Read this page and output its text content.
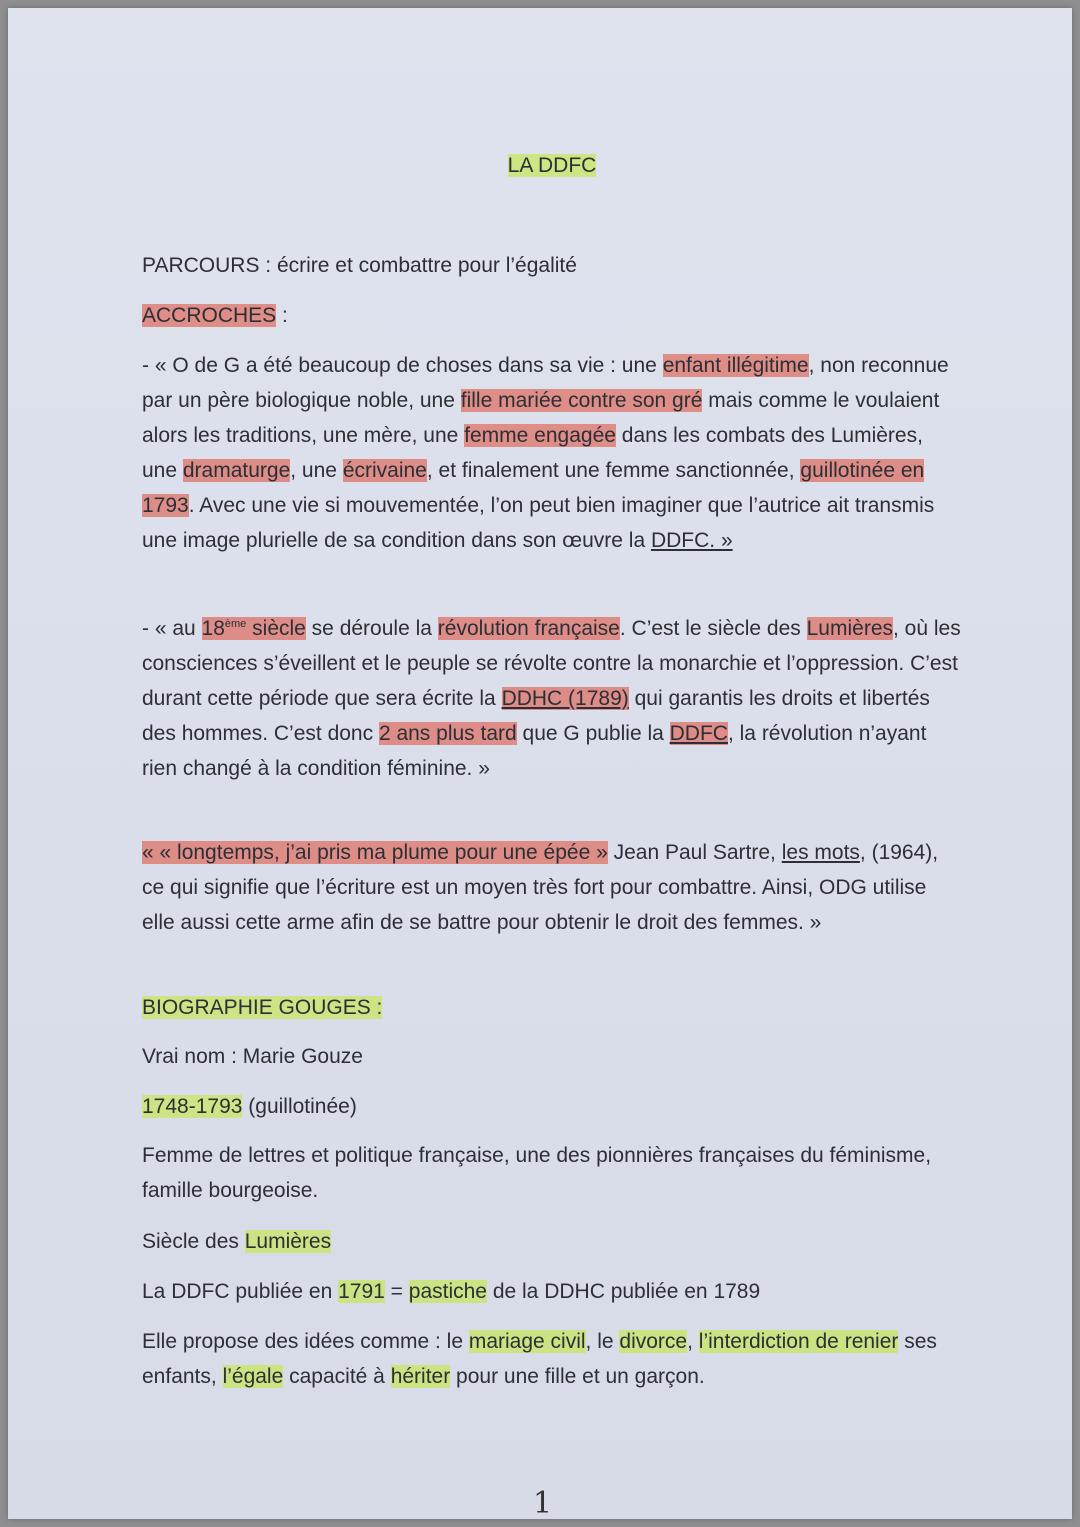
LA DDFC
PARCOURS : écrire et combattre pour l’égalité
ACCROCHES :
- « O de G a été beaucoup de choses dans sa vie : une enfant illégitime, non reconnue par un père biologique noble, une fille mariée contre son gré mais comme le voulaient alors les traditions, une mère, une femme engagée dans les combats des Lumières, une dramaturge, une écrivaine, et finalement une femme sanctionnée, guillotinée en 1793. Avec une vie si mouvementée, l’on peut bien imaginer que l’autrice ait transmis une image plurielle de sa condition dans son œuvre la DDFC. »
- « au 18ème siècle se déroule la révolution française. C’est le siècle des Lumières, où les consciences s’éveillent et le peuple se révolte contre la monarchie et l’oppression. C’est durant cette période que sera écrite la DDHC (1789) qui garantis les droits et libertés des hommes. C’est donc 2 ans plus tard que G publie la DDFC, la révolution n’ayant rien changé à la condition féminine. »
« « longtemps, j’ai pris ma plume pour une épée » Jean Paul Sartre, les mots, (1964), ce qui signifie que l’écriture est un moyen très fort pour combattre. Ainsi, ODG utilise elle aussi cette arme afin de se battre pour obtenir le droit des femmes. »
BIOGRAPHIE GOUGES :
Vrai nom : Marie Gouze
1748-1793 (guillotinée)
Femme de lettres et politique française, une des pionnières françaises du féminisme, famille bourgeoise.
Siècle des Lumières
La DDFC publiée en 1791 = pastiche de la DDHC publiée en 1789
Elle propose des idées comme : le mariage civil, le divorce, l’interdiction de renier ses enfants, l’égale capacité à hériter pour une fille et un garçon.
1
